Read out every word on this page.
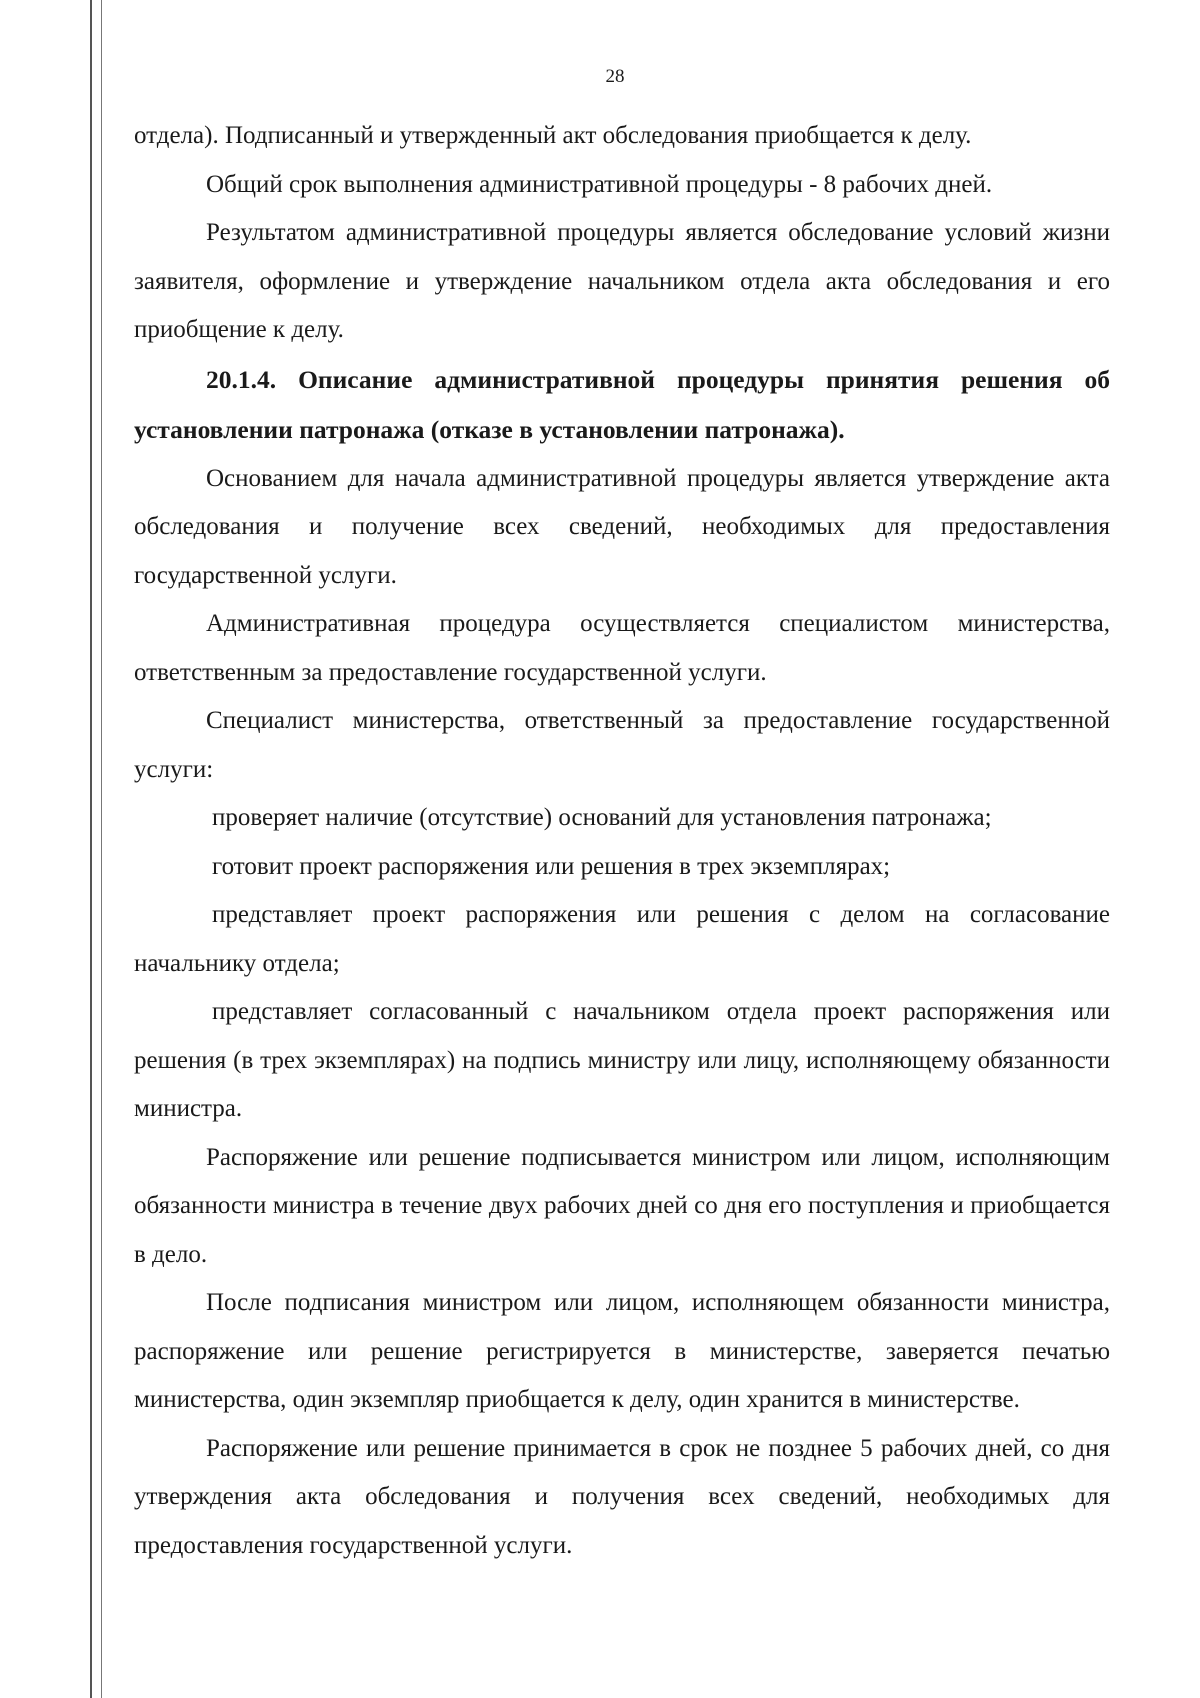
28

отдела). Подписанный и утвержденный акт обследования приобщается к делу.

Общий срок выполнения административной процедуры - 8 рабочих дней.

Результатом административной процедуры является обследование условий жизни заявителя, оформление и утверждение начальником отдела акта обследования и его приобщение к делу.

20.1.4. Описание административной процедуры принятия решения об установлении патронажа (отказе в установлении патронажа).

Основанием для начала административной процедуры является утверждение акта обследования и получение всех сведений, необходимых для предоставления государственной услуги.

Административная процедура осуществляется специалистом министерства, ответственным за предоставление государственной услуги.

Специалист министерства, ответственный за предоставление государственной услуги:

проверяет наличие (отсутствие) оснований для установления патронажа;

готовит проект распоряжения или решения в трех экземплярах;

представляет проект распоряжения или решения с делом на согласование начальнику отдела;

представляет согласованный с начальником отдела проект распоряжения или решения (в трех экземплярах) на подпись министру или лицу, исполняющему обязанности министра.

Распоряжение или решение подписывается министром или лицом, исполняющим обязанности министра в течение двух рабочих дней со дня его поступления и приобщается в дело.

После подписания министром или лицом, исполняющем обязанности министра, распоряжение или решение регистрируется в министерстве, заверяется печатью министерства, один экземпляр приобщается к делу, один хранится в министерстве.

Распоряжение или решение принимается в срок не позднее 5 рабочих дней, со дня утверждения акта обследования и получения всех сведений, необходимых для предоставления государственной услуги.
